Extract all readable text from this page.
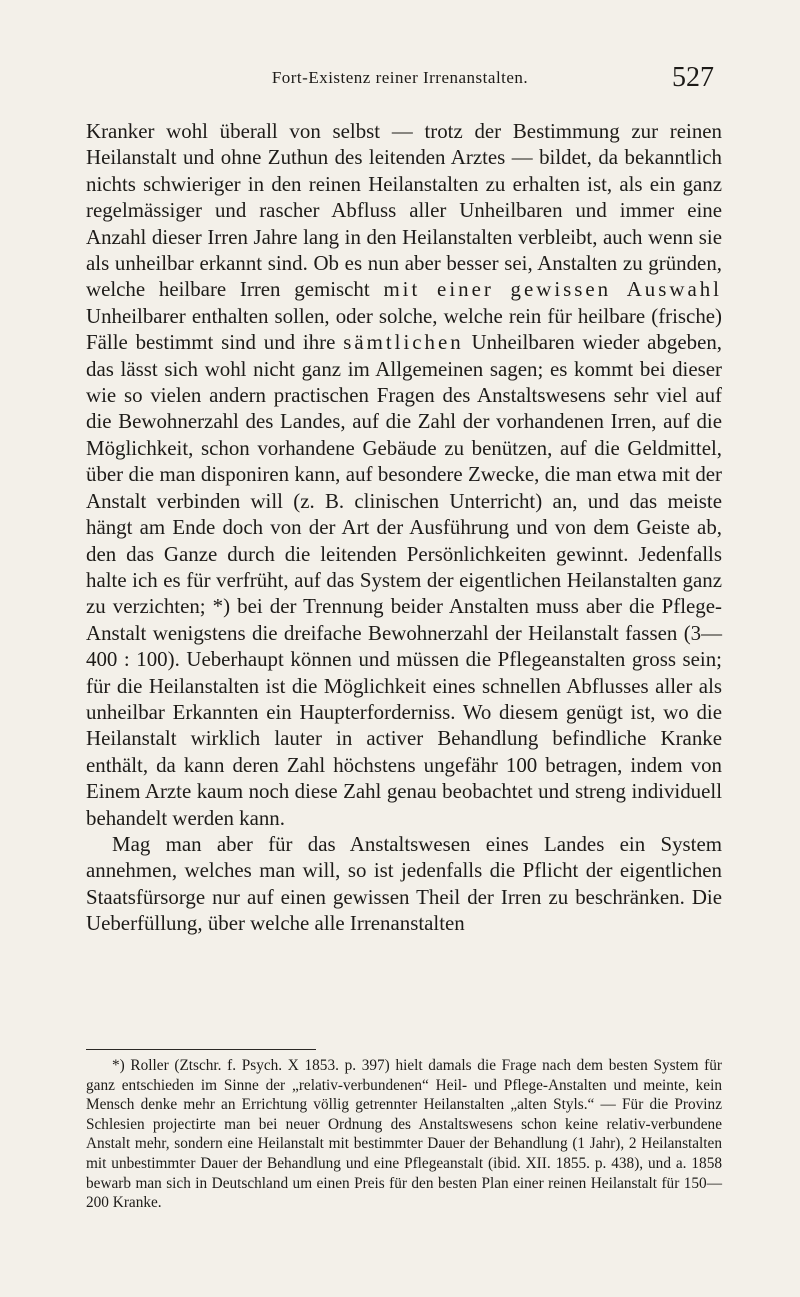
Fort-Existenz reiner Irrenanstalten.	527

Kranker wohl überall von selbst — trotz der Bestimmung zur reinen Heilanstalt und ohne Zuthun des leitenden Arztes — bildet, da bekanntlich nichts schwieriger in den reinen Heilanstalten zu erhalten ist, als ein ganz regelmässiger und rascher Abfluss aller Unheilbaren und immer eine Anzahl dieser Irren Jahre lang in den Heilanstalten verbleibt, auch wenn sie als unheilbar erkannt sind. Ob es nun aber besser sei, Anstalten zu gründen, welche heilbare Irren gemischt mit einer gewissen Auswahl Unheilbarer enthalten sollen, oder solche, welche rein für heilbare (frische) Fälle bestimmt sind und ihre sämtlichen Unheilbaren wieder abgeben, das lässt sich wohl nicht ganz im Allgemeinen sagen; es kommt bei dieser wie so vielen andern practischen Fragen des Anstaltswesens sehr viel auf die Bewohnerzahl des Landes, auf die Zahl der vorhandenen Irren, auf die Möglichkeit, schon vorhandene Gebäude zu benützen, auf die Geldmittel, über die man disponiren kann, auf besondere Zwecke, die man etwa mit der Anstalt verbinden will (z. B. clinischen Unterricht) an, und das meiste hängt am Ende doch von der Art der Ausführung und von dem Geiste ab, den das Ganze durch die leitenden Persönlichkeiten gewinnt. Jedenfalls halte ich es für verfrüht, auf das System der eigentlichen Heilanstalten ganz zu verzichten; *) bei der Trennung beider Anstalten muss aber die Pflege-Anstalt wenigstens die dreifache Bewohnerzahl der Heilanstalt fassen (3—400 : 100). Ueberhaupt können und müssen die Pflegeanstalten gross sein; für die Heilanstalten ist die Möglichkeit eines schnellen Abflusses aller als unheilbar Erkannten ein Haupterforderniss. Wo diesem genügt ist, wo die Heilanstalt wirklich lauter in activer Behandlung befindliche Kranke enthält, da kann deren Zahl höchstens ungefähr 100 betragen, indem von Einem Arzte kaum noch diese Zahl genau beobachtet und streng individuell behandelt werden kann.

Mag man aber für das Anstaltswesen eines Landes ein System annehmen, welches man will, so ist jedenfalls die Pflicht der eigentlichen Staatsfürsorge nur auf einen gewissen Theil der Irren zu beschränken. Die Ueberfüllung, über welche alle Irrenanstalten

*) Roller (Ztschr. f. Psych. X 1853. p. 397) hielt damals die Frage nach dem besten System für ganz entschieden im Sinne der „relativ-verbundenen“ Heil- und Pflege-Anstalten und meinte, kein Mensch denke mehr an Errichtung völlig getrennter Heilanstalten „alten Styls.“ — Für die Provinz Schlesien projectirte man bei neuer Ordnung des Anstaltswesens schon keine relativ-verbundene Anstalt mehr, sondern eine Heilanstalt mit bestimmter Dauer der Behandlung (1 Jahr), 2 Heilanstalten mit unbestimmter Dauer der Behandlung und eine Pflegeanstalt (ibid. XII. 1855. p. 438), und a. 1858 bewarb man sich in Deutschland um einen Preis für den besten Plan einer reinen Heilanstalt für 150—200 Kranke.
